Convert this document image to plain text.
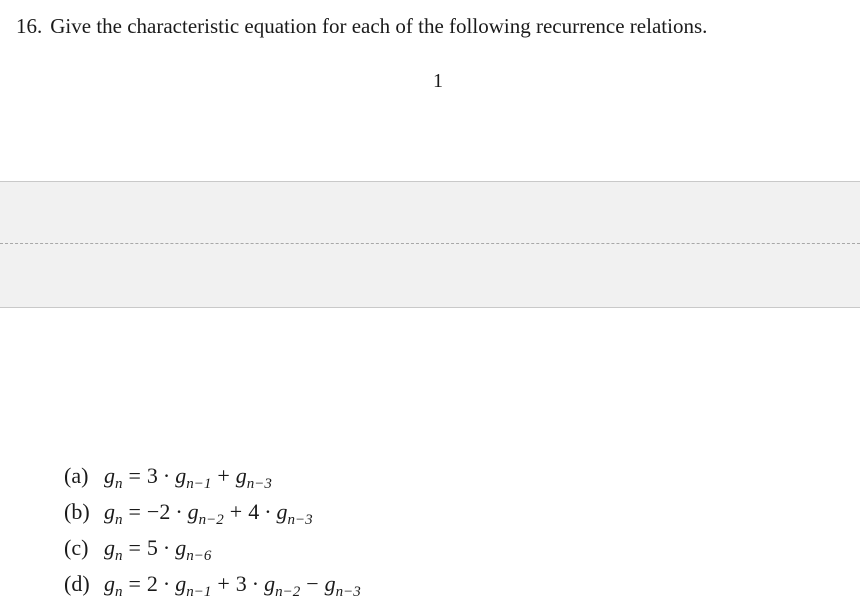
16. Give the characteristic equation for each of the following recurrence relations.
1
(a) $g_n = 3 \cdot g_{n-1} + g_{n-3}$
(b) $g_n = -2 \cdot g_{n-2} + 4 \cdot g_{n-3}$
(c) $g_n = 5 \cdot g_{n-6}$
(d) $g_n = 2 \cdot g_{n-1} + 3 \cdot g_{n-2} - g_{n-3}$
